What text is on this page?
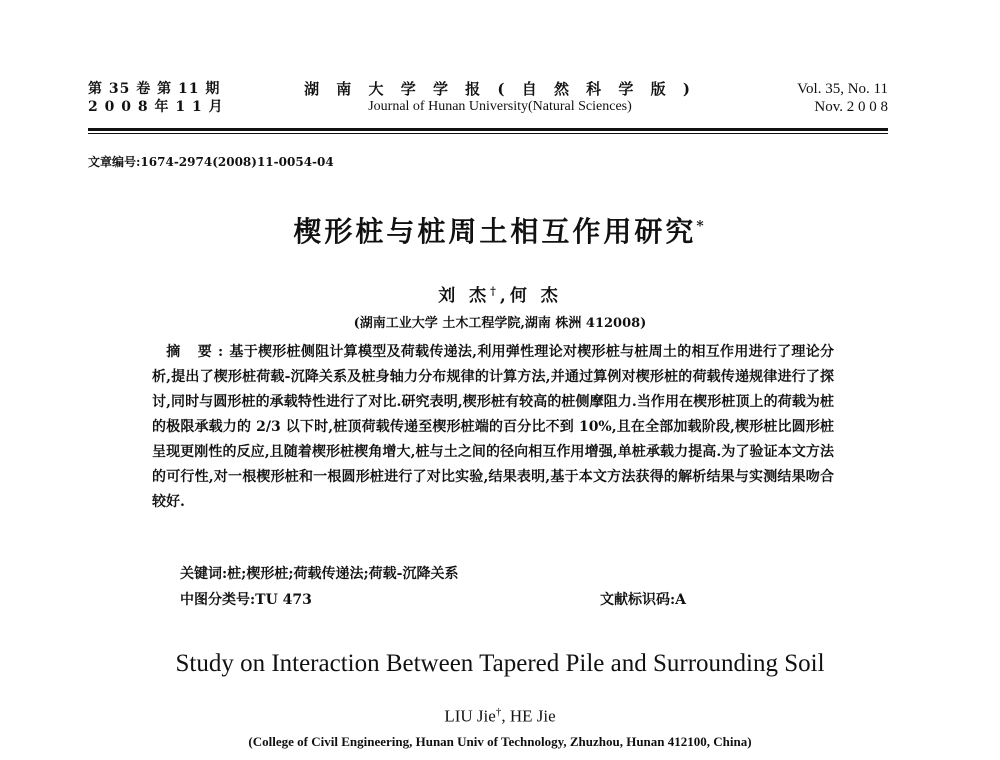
第 35 卷 第 11 期
2 0 0 8 年 1 1 月
湖 南 大 学 学 报 ( 自 然 科 学 版 )
Journal of Hunan University(Natural Sciences)
Vol. 35, No. 11
Nov. 2 0 0 8
文章编号:1674-2974(2008)11-0054-04
楔形桩与桩周土相互作用研究*
刘 杰†,何 杰
(湖南工业大学 土木工程学院,湖南 株洲 412008)
 摘 要:基于楔形桩侧阻计算模型及荷载传递法,利用弹性理论对楔形桩与桩周土的相互作用进行了理论分析,提出了楔形桩荷载-沉降关系及桩身轴力分布规律的计算方法,并通过算例对楔形桩的荷载传递规律进行了探讨,同时与圆形桩的承载特性进行了对比.研究表明,楔形桩有较高的桩侧摩阻力.当作用在楔形桩顶上的荷载为桩的极限承载力的 2/3 以下时,桩顶荷载传递至楔形桩端的百分比不到 10%,且在全部加载阶段,楔形桩比圆形桩呈现更刚性的反应,且随着楔形桩楔角增大,桩与土之间的径向相互作用增强,单桩承载力提高.为了验证本文方法的可行性,对一根楔形桩和一根圆形桩进行了对比实验,结果表明,基于本文方法获得的解析结果与实测结果吻合较好.
关键词:桩;楔形桩;荷载传递法;荷载-沉降关系
中图分类号:TU 473	文献标识码:A
Study on Interaction Between Tapered Pile and Surrounding Soil
LIU Jie†, HE Jie
(College of Civil Engineering, Hunan Univ of Technology, Zhuzhou, Hunan 412100, China)
